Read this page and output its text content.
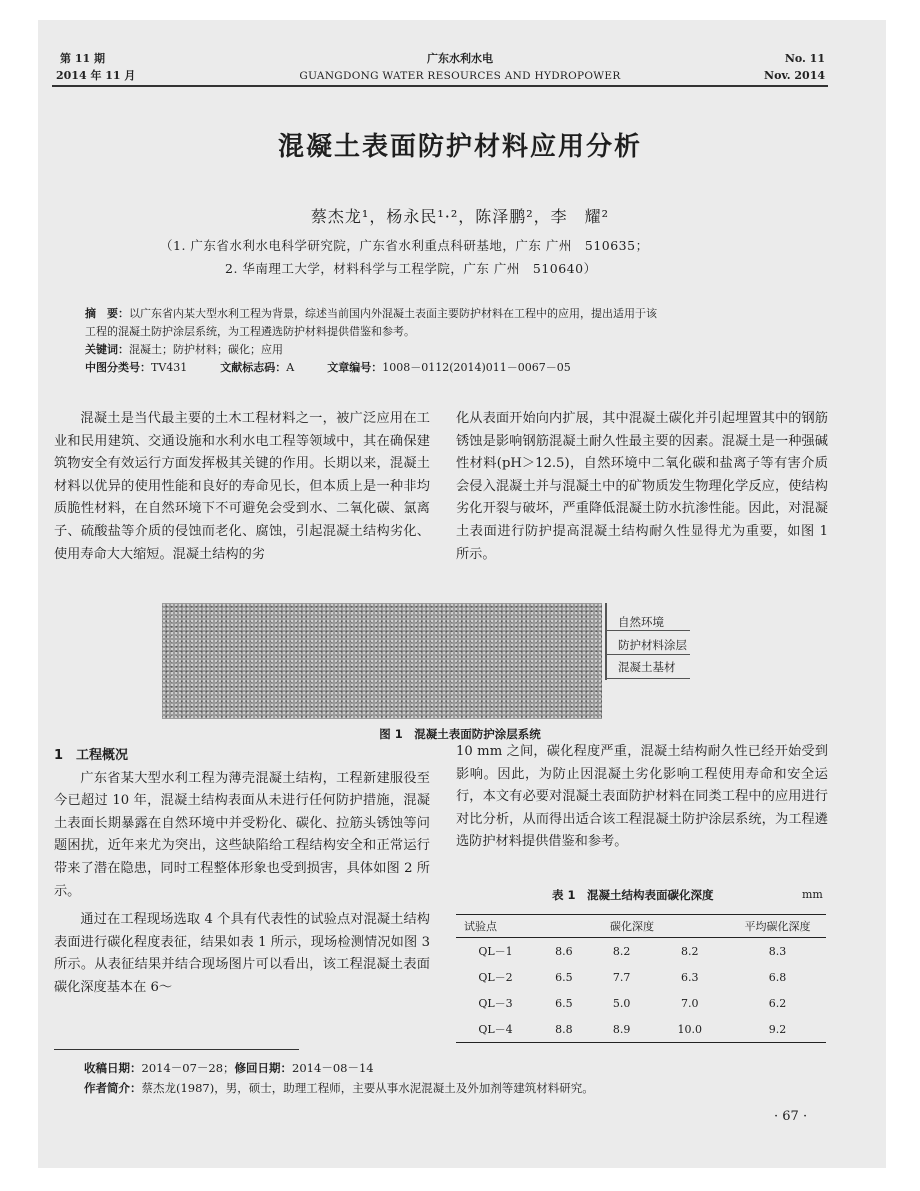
第 11 期
2014 年 11 月
广东水利水电
GUANGDONG WATER RESOURCES AND HYDROPOWER
No. 11
Nov. 2014
混凝土表面防护材料应用分析
蔡杰龙¹，杨永民¹·²，陈泽鹏²，李　耀²
（1. 广东省水利水电科学研究院，广东省水利重点科研基地，广东 广州　510635；
2. 华南理工大学，材料科学与工程学院，广东 广州　510640）
摘　要：以广东省内某大型水利工程为背景，综述当前国内外混凝土表面主要防护材料在工程中的应用，提出适用于该
工程的混凝土防护涂层系统，为工程遴选防护材料提供借鉴和参考。
关键词：混凝土；防护材料；碳化；应用
中图分类号：TV431	文献标志码：A	文章编号：1008－0112(2014)011－0067－05

混凝土是当代最主要的土木工程材料之一，被广泛应用在工业和民用建筑、交通设施和水利水电工程等领域中，其在确保建筑物安全有效运行方面发挥极其关键的作用。长期以来，混凝土材料以优异的使用性能和良好的寿命见长，但本质上是一种非均质脆性材料，在自然环境下不可避免会受到水、二氧化碳、氯离子、硫酸盐等介质的侵蚀而老化、腐蚀，引起混凝土结构劣化、使用寿命大大缩短。混凝土结构的劣

化从表面开始向内扩展，其中混凝土碳化并引起埋置其中的钢筋锈蚀是影响钢筋混凝土耐久性最主要的因素。混凝土是一种强碱性材料(pH＞12.5)，自然环境中二氧化碳和盐离子等有害介质会侵入混凝土并与混凝土中的矿物质发生物理化学反应，使结构劣化开裂与破坏，严重降低混凝土防水抗渗性能。因此，对混凝土表面进行防护提高混凝土结构耐久性显得尤为重要，如图 1 所示。

自然环境
防护材料涂层
混凝土基材
图 1　混凝土表面防护涂层系统
1　工程概况

广东省某大型水利工程为薄壳混凝土结构，工程新建服役至今已超过 10 年，混凝土结构表面从未进行任何防护措施，混凝土表面长期暴露在自然环境中并受粉化、碳化、拉筋头锈蚀等问题困扰，近年来尤为突出，这些缺陷给工程结构安全和正常运行带来了潜在隐患，同时工程整体形象也受到损害，具体如图 2 所示。

通过在工程现场选取 4 个具有代表性的试验点对混凝土结构表面进行碳化程度表征，结果如表 1 所示，现场检测情况如图 3 所示。从表征结果并结合现场图片可以看出，该工程混凝土表面碳化深度基本在 6～

10 mm 之间，碳化程度严重，混凝土结构耐久性已经开始受到影响。因此，为防止因混凝土劣化影响工程使用寿命和安全运行，本文有必要对混凝土表面防护材料在同类工程中的应用进行对比分析，从而得出适合该工程混凝土防护涂层系统，为工程遴选防护材料提供借鉴和参考。

表 1　混凝土结构表面碳化深度	mm
试验点	碳化深度			平均碳化深度
QL－1	8.6	8.2	8.2	8.3
QL－2	6.5	7.7	6.3	6.8
QL－3	6.5	5.0	7.0	6.2
QL－4	8.8	8.9	10.0	9.2
收稿日期：2014－07－28；修回日期：2014－08－14
作者简介：蔡杰龙(1987)，男，硕士，助理工程师，主要从事水泥混凝土及外加剂等建筑材料研究。
· 67 ·
